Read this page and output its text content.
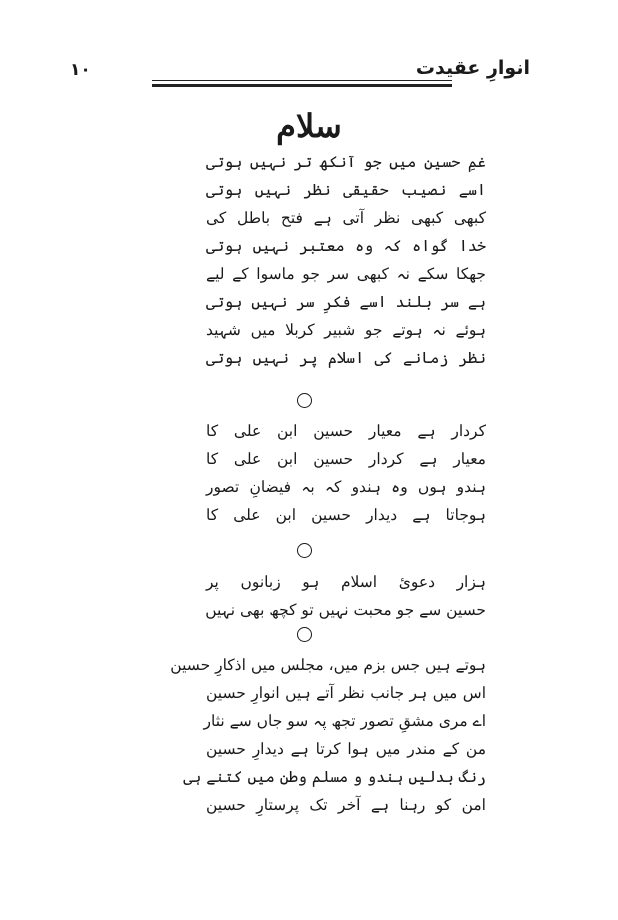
۱۰	انوارِ عقیدت
سلام
غمِ حسین میں جو آنکھ تر نہیں ہوتی
اسے نصیب حقیقی نظر نہیں ہوتی
کبھی کبھی نظر آتی ہے فتح باطل کی
خدا گواہ کہ وہ معتبر نہیں ہوتی
جھکا سکے نہ کبھی سر جو ماسوا کے لیے
ہے سر بلند اسے فکرِ سر نہیں ہوتی
ہوئے نہ ہوتے جو شبیر کربلا میں شہید
نظر زمانے کی اسلام پر نہیں ہوتی
کردار ہے معیار حسین ابن علی کا
معیار ہے کردار حسین ابن علی کا
ہندو ہوں وہ ہندو کہ بہ فیضانِ تصور
ہوجاتا ہے دیدار حسین ابن علی کا
ہزار دعوئ اسلام ہو زبانوں پر
حسین سے جو محبت نہیں تو کچھ بھی نہیں
ہوتے ہیں جس بزم میں، مجلس میں اذکارِ حسین
اس میں ہر جانب نظر آتے ہیں انوارِ حسین
اے مری مشقِ تصور تجھ پہ سو جاں سے نثار
من کے مندر میں ہوا کرتا ہے دیدارِ حسین
رنگ بدلیں ہندو و مسلم وطن میں کتنے ہی
امن کو رہنا ہے آخر تک پرستارِ حسین
